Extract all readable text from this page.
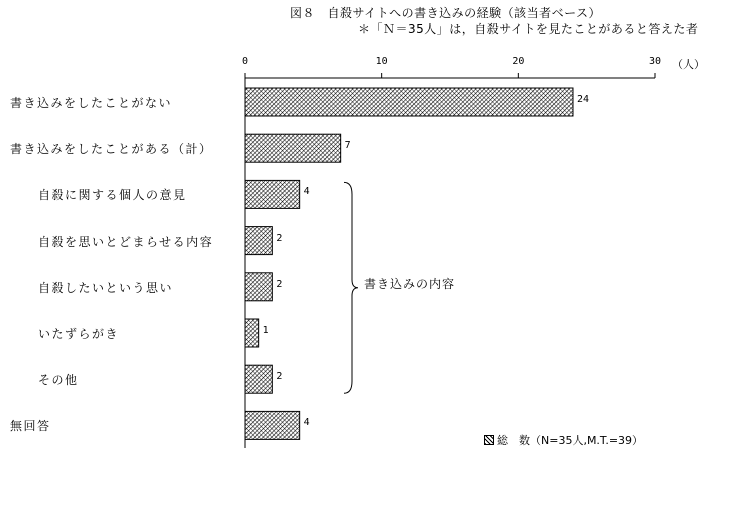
図８　自殺サイトへの書き込みの経験（該当者ベース）
＊「Ｎ＝35人」は，自殺サイトを見たことがあると答えた者
（人）
0	10	20	30
書き込みをしたことがない	24
書き込みをしたことがある（計）	7
自殺に関する個人の意見	4
自殺を思いとどまらせる内容	2
自殺したいという思い	2
いたずらがき	1
その他	2
無回答	4
書き込みの内容
総　数（N=35人,M.T.=39）
